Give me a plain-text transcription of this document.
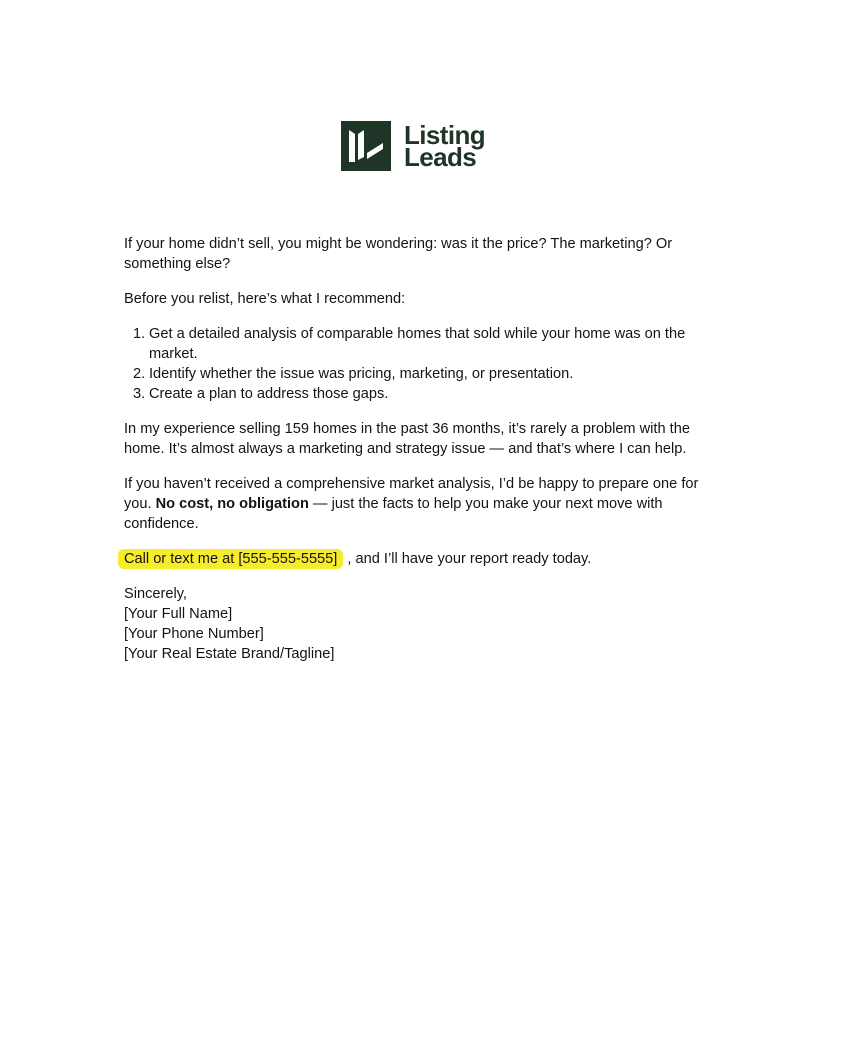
Listing
Leads

If your home didn’t sell, you might be wondering: was it the price? The marketing? Or something else?

Before you relist, here’s what I recommend:

1. Get a detailed analysis of comparable homes that sold while your home was on the market.
2. Identify whether the issue was pricing, marketing, or presentation.
3. Create a plan to address those gaps.

In my experience selling 159 homes in the past 36 months, it’s rarely a problem with the home. It’s almost always a marketing and strategy issue — and that’s where I can help.

If you haven’t received a comprehensive market analysis, I’d be happy to prepare one for you. No cost, no obligation — just the facts to help you make your next move with confidence.

Call or text me at [555-555-5555] , and I’ll have your report ready today.

Sincerely,
[Your Full Name]
[Your Phone Number]
[Your Real Estate Brand/Tagline]
